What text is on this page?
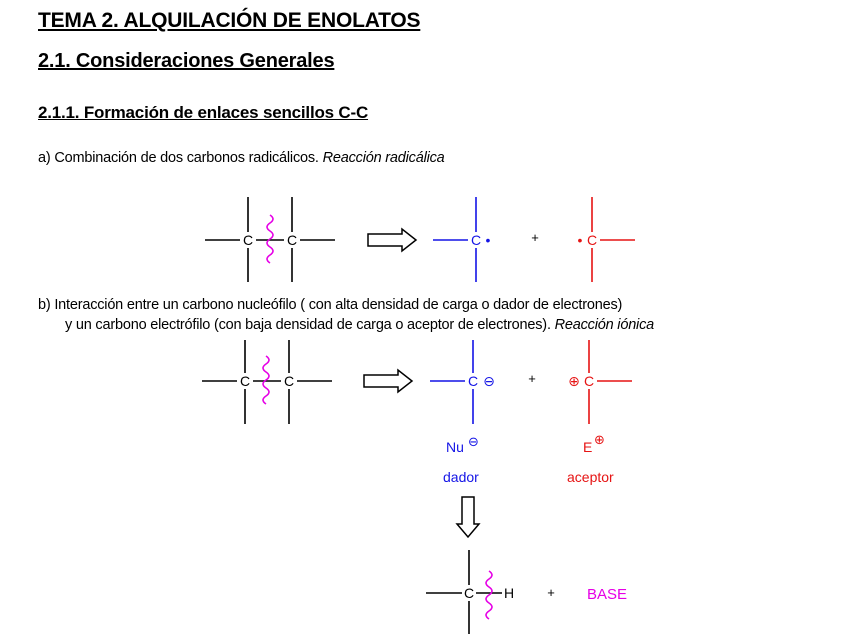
TEMA 2. ALQUILACIÓN DE ENOLATOS
2.1. Consideraciones Generales
2.1.1. Formación de enlaces sencillos C-C
a) Combinación de dos carbonos radicálicos. Reacción radicálica
b) Interacción entre un carbono nucleófilo ( con alta densidad de carga o dador de electrones)
y un carbono electrófilo (con baja densidad de carga o aceptor de electrones). Reacción iónica
C C	C •	+	• C
C C	C ⊖	+ ⊕ C
Nu ⊖
dador
E ⊕
aceptor
C H	+ BASE
